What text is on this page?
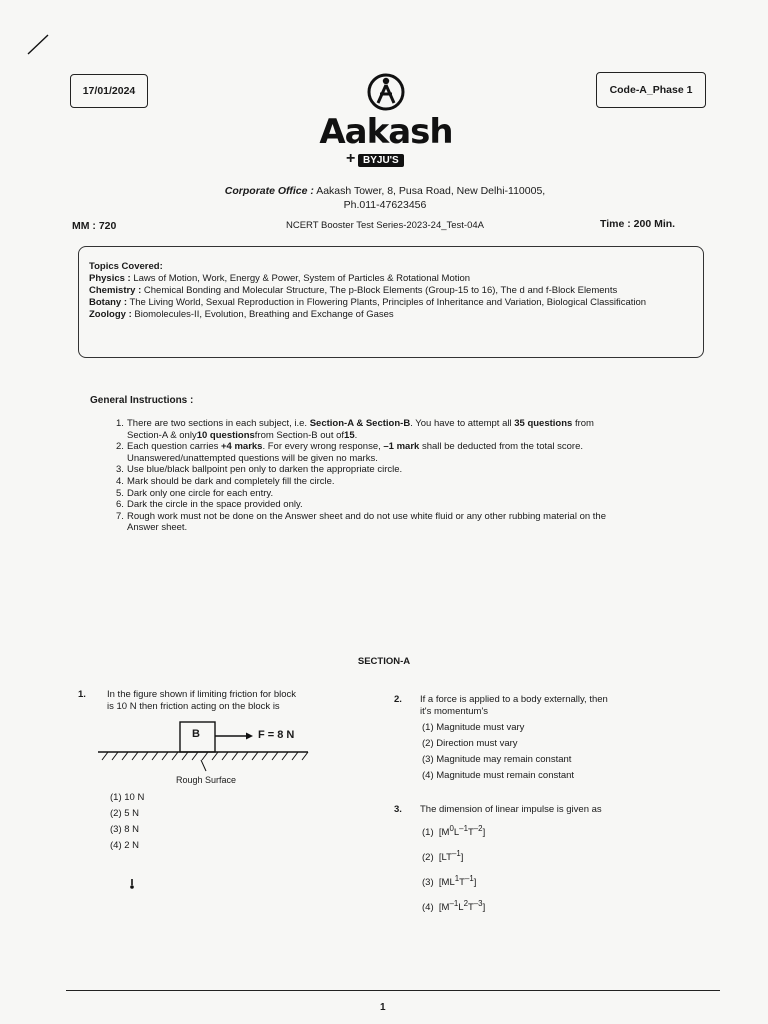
17/01/2024	Code-A_Phase 1
Aakash
+ BYJU'S
Corporate Office : Aakash Tower, 8, Pusa Road, New Delhi-110005,
Ph.011-47623456
MM : 720	NCERT Booster Test Series-2023-24_Test-04A	Time : 200 Min.

Topics Covered:

Physics : Laws of Motion, Work, Energy & Power, System of Particles & Rotational Motion

Chemistry : Chemical Bonding and Molecular Structure, The p-Block Elements (Group-15 to 16), The d and f-Block Elements

Botany : The Living World, Sexual Reproduction in Flowering Plants, Principles of Inheritance and Variation, Biological Classification

Zoology : Biomolecules-II, Evolution, Breathing and Exchange of Gases

General Instructions :
1. There are two sections in each subject, i.e. Section-A & Section-B. You have to attempt all 35 questions from
Section-A & only 10 questions from Section-B out of 15 .
2. Each question carries +4 marks. For every wrong response, –1 mark shall be deducted from the total score.
Unanswered/unattempted questions will be given no marks.
3. Use blue/black ballpoint pen only to darken the appropriate circle.
4. Mark should be dark and completely fill the circle.
5. Dark only one circle for each entry.
6. Dark the circle in the space provided only.
7. Rough work must not be done on the Answer sheet and do not use white fluid or any other rubbing material on the
Answer sheet.
SECTION-A
1. In the figure shown if limiting friction for block
is 10 N then friction acting on the block is
B	F = 8 N
Rough Surface
(1) 10 N
(2) 5 N
(3) 8 N
(4) 2 N
2. If a force is applied to a body externally, then
it's momentum's
(1) Magnitude must vary
(2) Direction must vary
(3) Magnitude may remain constant
(4) Magnitude must remain constant
3.	The dimension of linear impulse is given as
(1) $[M^0L^{-1}T^{-2}]$
(2) $[LT^{-1}]$
(3) $[ML^1T^{-1}]$
(4) $[M^{-1}L^2T^{-3}]$
1
